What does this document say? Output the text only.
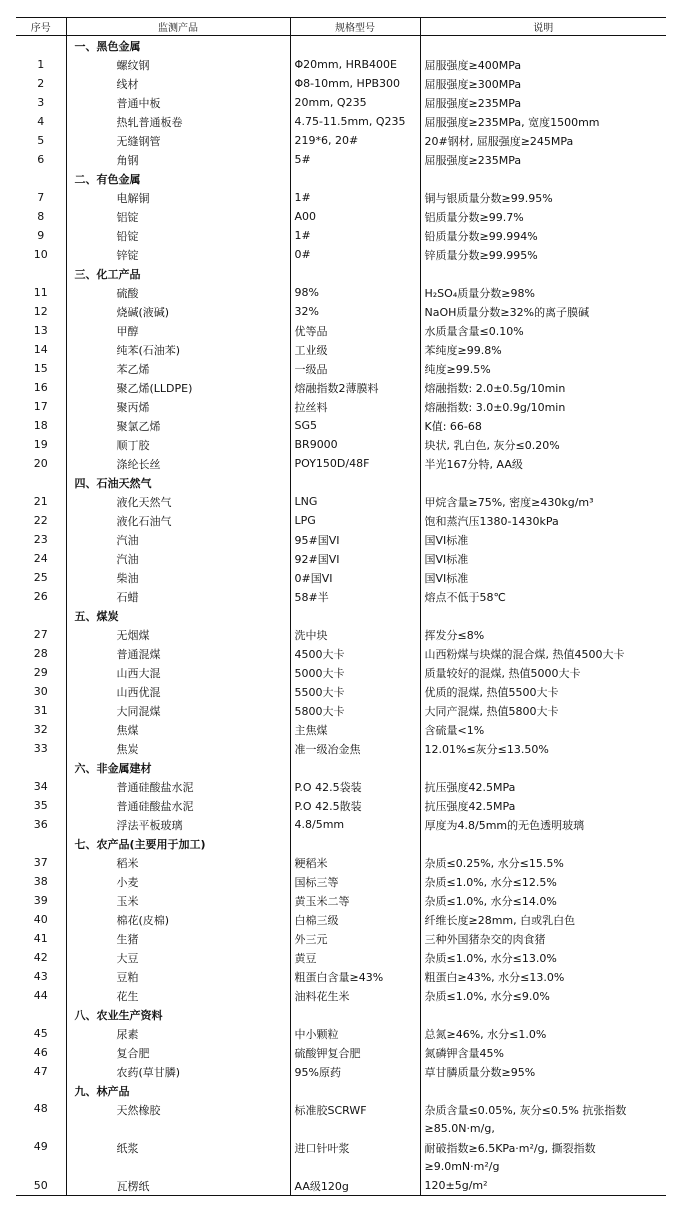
序号	监测产品	规格型号	说明
	一、黑色金属		
1	螺纹钢	Φ20mm, HRB400E	屈服强度≥400MPa
2	线材	Φ8-10mm, HPB300	屈服强度≥300MPa
3	普通中板	20mm, Q235	屈服强度≥235MPa
4	热轧普通板卷	4.75-11.5mm, Q235	屈服强度≥235MPa, 宽度1500mm
5	无缝钢管	219*6, 20#	20#钢材, 屈服强度≥245MPa
6	角钢	5#	屈服强度≥235MPa
	二、有色金属		
7	电解铜	1#	铜与银质量分数≥99.95%
8	铝锭	A00	铝质量分数≥99.7%
9	铅锭	1#	铅质量分数≥99.994%
10	锌锭	0#	锌质量分数≥99.995%
	三、化工产品		
11	硫酸	98%	H₂SO₄质量分数≥98%
12	烧碱(液碱)	32%	NaOH质量分数≥32%的离子膜碱
13	甲醇	优等品	水质量含量≤0.10%
14	纯苯(石油苯)	工业级	苯纯度≥99.8%
15	苯乙烯	一级品	纯度≥99.5%
16	聚乙烯(LLDPE)	熔融指数2薄膜料	熔融指数: 2.0±0.5g/10min
17	聚丙烯	拉丝料	熔融指数: 3.0±0.9g/10min
18	聚氯乙烯	SG5	K值: 66-68
19	顺丁胶	BR9000	块状, 乳白色, 灰分≤0.20%
20	涤纶长丝	POY150D/48F	半光167分特, AA级
	四、石油天然气		
21	液化天然气	LNG	甲烷含量≥75%, 密度≥430kg/m³
22	液化石油气	LPG	饱和蒸汽压1380-1430kPa
23	汽油	95#国VI	国VI标准
24	汽油	92#国VI	国VI标准
25	柴油	0#国VI	国VI标准
26	石蜡	58#半	熔点不低于58℃
	五、煤炭		
27	无烟煤	洗中块	挥发分≤8%
28	普通混煤	4500大卡	山西粉煤与块煤的混合煤, 热值4500大卡
29	山西大混	5000大卡	质量较好的混煤, 热值5000大卡
30	山西优混	5500大卡	优质的混煤, 热值5500大卡
31	大同混煤	5800大卡	大同产混煤, 热值5800大卡
32	焦煤	主焦煤	含硫量<1%
33	焦炭	准一级冶金焦	12.01%≤灰分≤13.50%
	六、非金属建材		
34	普通硅酸盐水泥	P.O 42.5袋装	抗压强度42.5MPa
35	普通硅酸盐水泥	P.O 42.5散装	抗压强度42.5MPa
36	浮法平板玻璃	4.8/5mm	厚度为4.8/5mm的无色透明玻璃
	七、农产品(主要用于加工)		
37	稻米	粳稻米	杂质≤0.25%, 水分≤15.5%
38	小麦	国标三等	杂质≤1.0%, 水分≤12.5%
39	玉米	黄玉米二等	杂质≤1.0%, 水分≤14.0%
40	棉花(皮棉)	白棉三级	纤维长度≥28mm, 白或乳白色
41	生猪	外三元	三种外国猪杂交的肉食猪
42	大豆	黄豆	杂质≤1.0%, 水分≤13.0%
43	豆粕	粗蛋白含量≥43%	粗蛋白≥43%, 水分≤13.0%
44	花生	油料花生米	杂质≤1.0%, 水分≤9.0%
	八、农业生产资料		
45	尿素	中小颗粒	总氮≥46%, 水分≤1.0%
46	复合肥	硫酸钾复合肥	氮磷钾含量45%
47	农药(草甘膦)	95%原药	草甘膦质量分数≥95%
	九、林产品		
48	天然橡胶	标准胶SCRWF	杂质含量≤0.05%, 灰分≤0.5% 抗张指数≥85.0N·m/g,
49	纸浆	进口针叶浆	耐破指数≥6.5KPa·m²/g, 撕裂指数≥9.0mN·m²/g
50	瓦楞纸	AA级120g	120±5g/m²
